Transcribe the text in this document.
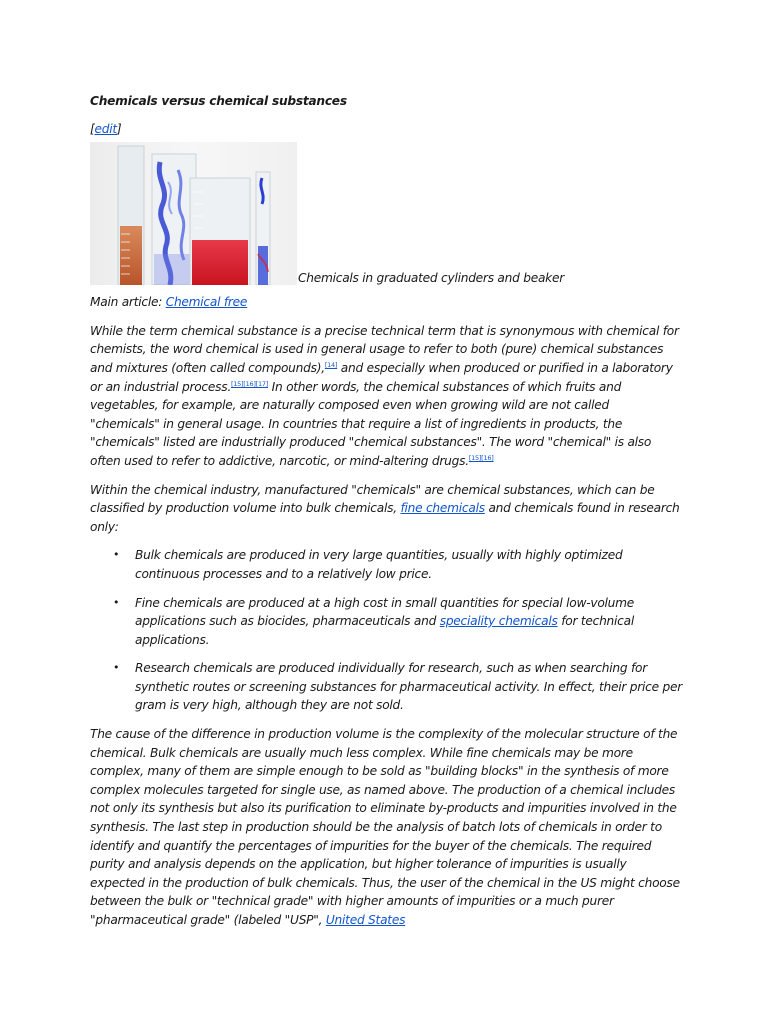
Chemicals versus chemical substances
[edit]
Chemicals in graduated cylinders and beaker

Main article: Chemical free

While the term chemical substance is a precise technical term that is synonymous with chemical for chemists, the word chemical is used in general usage to refer to both (pure) chemical substances and mixtures (often called compounds),[14] and especially when produced or purified in a laboratory or an industrial process.[15][16][17] In other words, the chemical substances of which fruits and vegetables, for example, are naturally composed even when growing wild are not called "chemicals" in general usage. In countries that require a list of ingredients in products, the "chemicals" listed are industrially produced "chemical substances". The word "chemical" is also often used to refer to addictive, narcotic, or mind-altering drugs.[15][16]

Within the chemical industry, manufactured "chemicals" are chemical substances, which can be classified by production volume into bulk chemicals, fine chemicals and chemicals found in research only:

• Bulk chemicals are produced in very large quantities, usually with highly optimized continuous processes and to a relatively low price.
• Fine chemicals are produced at a high cost in small quantities for special low-volume applications such as biocides, pharmaceuticals and speciality chemicals for technical applications.
• Research chemicals are produced individually for research, such as when searching for synthetic routes or screening substances for pharmaceutical activity. In effect, their price per gram is very high, although they are not sold.

The cause of the difference in production volume is the complexity of the molecular structure of the chemical. Bulk chemicals are usually much less complex. While fine chemicals may be more complex, many of them are simple enough to be sold as "building blocks" in the synthesis of more complex molecules targeted for single use, as named above. The production of a chemical includes not only its synthesis but also its purification to eliminate by-products and impurities involved in the synthesis. The last step in production should be the analysis of batch lots of chemicals in order to identify and quantify the percentages of impurities for the buyer of the chemicals. The required purity and analysis depends on the application, but higher tolerance of impurities is usually expected in the production of bulk chemicals. Thus, the user of the chemical in the US might choose between the bulk or "technical grade" with higher amounts of impurities or a much purer "pharmaceutical grade" (labeled "USP", United States
